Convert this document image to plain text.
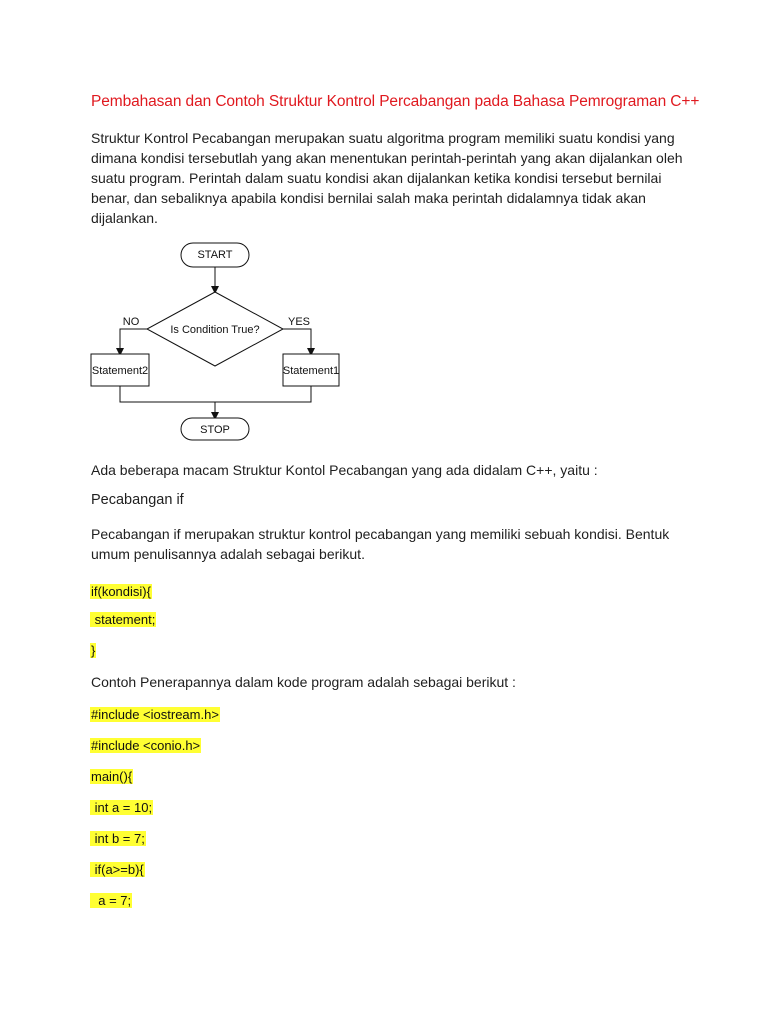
Pembahasan dan Contoh Struktur Kontrol Percabangan pada Bahasa Pemrograman C++

Struktur Kontrol Pecabangan merupakan suatu algoritma program memiliki suatu kondisi yang dimana kondisi tersebutlah yang akan menentukan perintah-perintah yang akan dijalankan oleh suatu program. Perintah dalam suatu kondisi akan dijalankan ketika kondisi tersebut bernilai benar, dan sebaliknya apabila kondisi bernilai salah maka perintah didalamnya tidak akan dijalankan.

START
Is Condition True?
NO	YES
Statement2	Statement1
STOP

Ada beberapa macam Struktur Kontol Pecabangan yang ada didalam C++, yaitu :

Pecabangan if

Pecabangan if merupakan struktur kontrol pecabangan yang memiliki sebuah kondisi. Bentuk umum penulisannya adalah sebagai berikut.

if(kondisi){
statement;
}

Contoh Penerapannya dalam kode program adalah sebagai berikut :

#include <iostream.h>
#include <conio.h>
main(){
int a = 10;
int b = 7;
if(a>=b){
a = 7;
